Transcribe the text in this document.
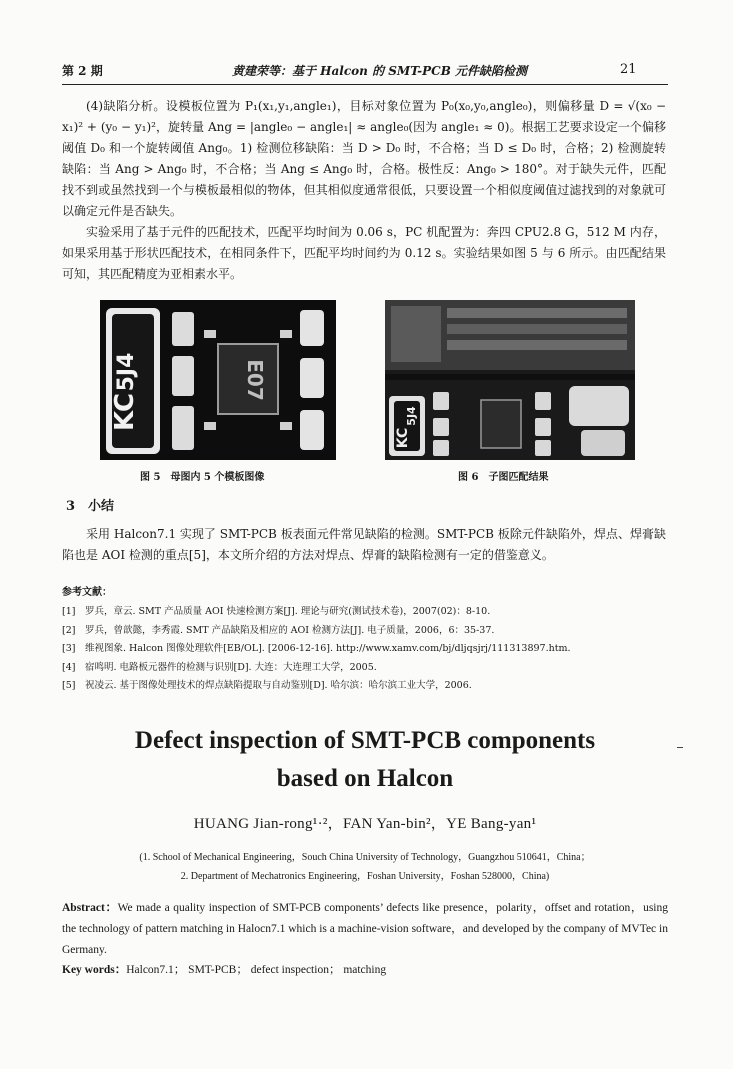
第 2 期	黄建荣等：基于 Halcon 的 SMT-PCB 元件缺陷检测	21

(4)缺陷分析。设模板位置为 P₁(x₁,y₁,angle₁)，目标对象位置为 P₀(x₀,y₀,angle₀)，则偏移量 D = √(x₀ − x₁)² + (y₀ − y₁)²，旋转量 Ang = |angle₀ − angle₁| ≈ angle₀(因为 angle₁ ≈ 0)。根据工艺要求设定一个偏移阈值 D₀ 和一个旋转阈值 Ang₀。1) 检测位移缺陷：当 D > D₀ 时，不合格；当 D ≤ D₀ 时，合格；2) 检测旋转缺陷：当 Ang > Ang₀ 时，不合格；当 Ang ≤ Ang₀ 时，合格。极性反：Ang₀ > 180°。对于缺失元件，匹配找不到或虽然找到一个与模板最相似的物体，但其相似度通常很低，只要设置一个相似度阈值过滤找到的对象就可以确定元件是否缺失。

实验采用了基于元件的匹配技术，匹配平均时间为 0.06 s，PC 机配置为：奔四 CPU2.8 G，512 M 内存，如果采用基于形状匹配技术，在相同条件下，匹配平均时间约为 0.12 s。实验结果如图 5 与 6 所示。由匹配结果可知，其匹配精度为亚相素水平。

KC
5J4	E07
图 5　母图内 5 个模板图像
KC
5J4
图 6　子图匹配结果
3　小结

采用 Halcon7.1 实现了 SMT-PCB 板表面元件常见缺陷的检测。SMT-PCB 板除元件缺陷外，焊点、焊膏缺陷也是 AOI 检测的重点[5]，本文所介绍的方法对焊点、焊膏的缺陷检测有一定的借鉴意义。

参考文献：
[1]　罗兵，章云. SMT 产品质量 AOI 快速检测方案[J]. 理论与研究(测试技术卷)，2007(02)：8-10.
[2]　罗兵，曾歆懿，李秀霞. SMT 产品缺陷及相应的 AOI 检测方法[J]. 电子质量，2006，6：35-37.
[3]　维视图象. Halcon 图像处理软件[EB/OL]. [2006-12-16]. http://www.xamv.com/bj/dljqsjrj/111313897.htm.
[4]　宿鸣明. 电路板元器件的检测与识别[D]. 大连：大连理工大学，2005.
[5]　祝凌云. 基于图像处理技术的焊点缺陷提取与自动鉴别[D]. 哈尔滨：哈尔滨工业大学，2006.
Defect inspection of SMT-PCB components
based on Halcon
HUANG Jian-rong¹·²，FAN Yan-bin²，YE Bang-yan¹
(1. School of Mechanical Engineering，Souch China University of Technology，Guangzhou 510641，China；
2. Department of Mechatronics Engineering，Foshan University，Foshan 528000，China)
Abstract：We made a quality inspection of SMT-PCB components’ defects like presence，polarity，offset and rotation，using the technology of pattern matching in Halocn7.1 which is a machine-vision software，and developed by the company of MVTec in Germany.
Key words：Halcon7.1； SMT-PCB； defect inspection； matching
